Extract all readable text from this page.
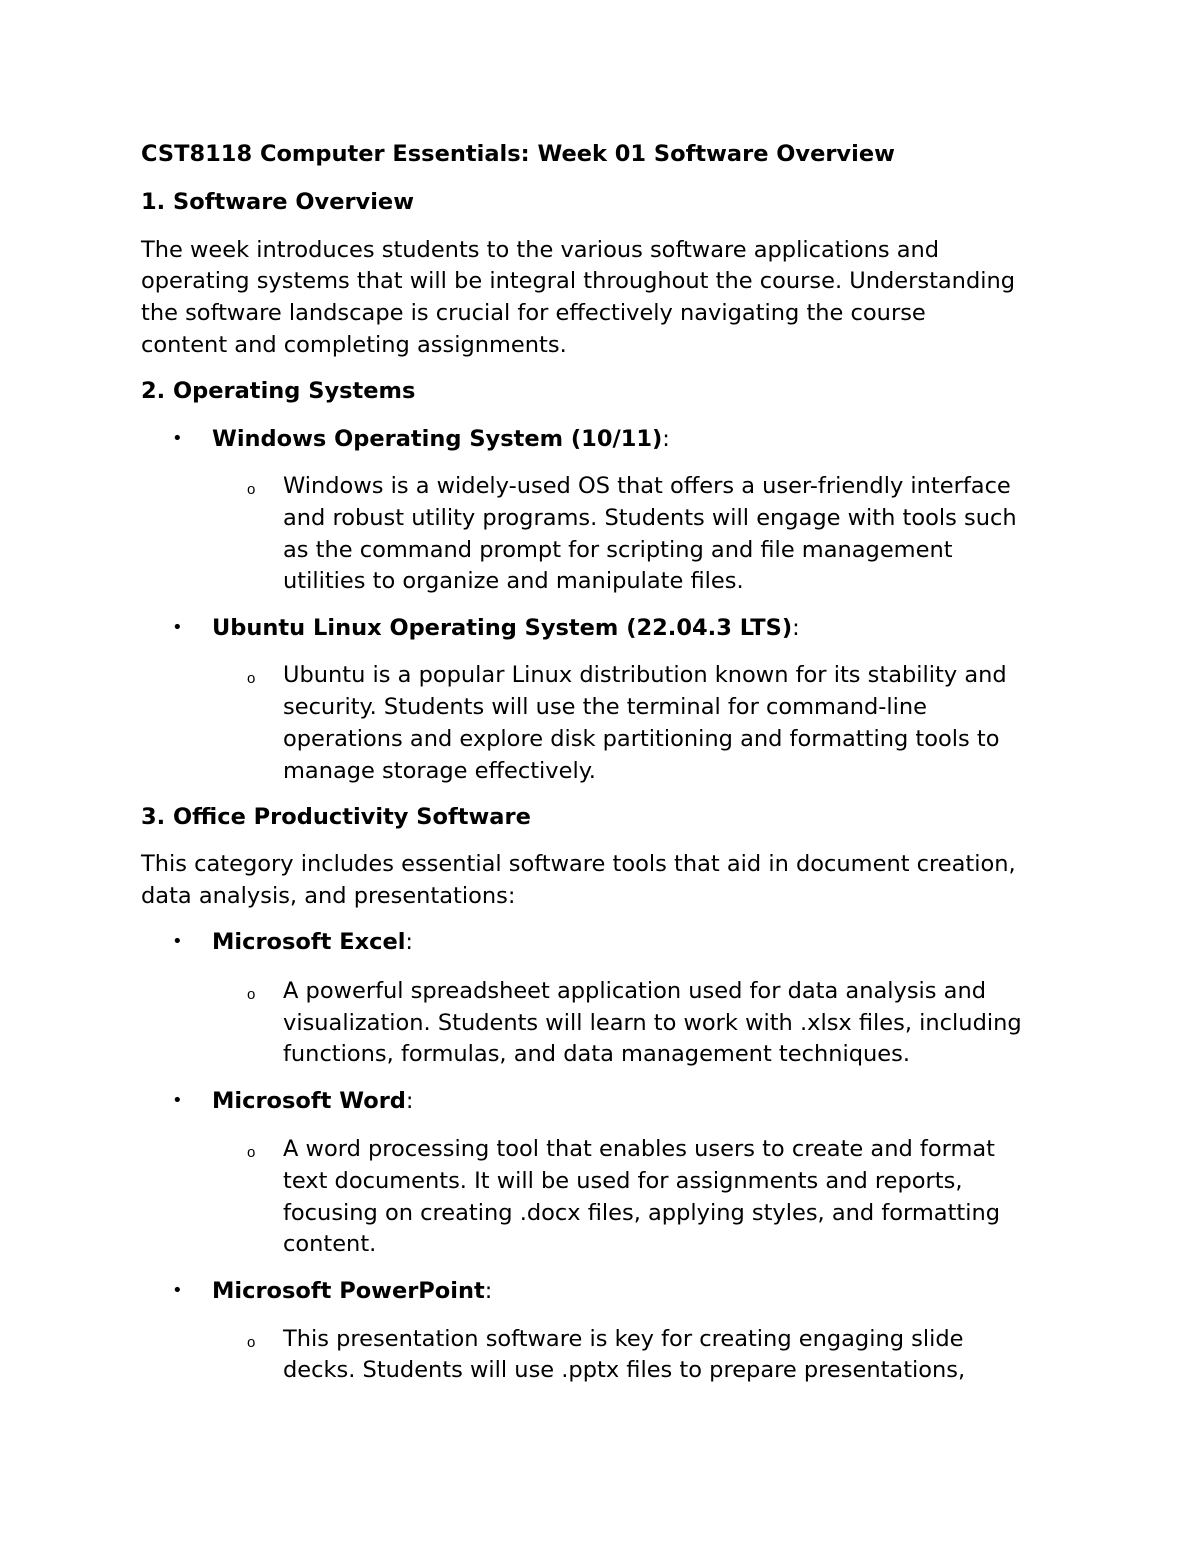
CST8118 Computer Essentials: Week 01 Software Overview
1. Software Overview
The week introduces students to the various software applications and
operating systems that will be integral throughout the course. Understanding
the software landscape is crucial for effectively navigating the course
content and completing assignments.
2. Operating Systems
• Windows Operating System (10/11):
o Windows is a widely-used OS that offers a user-friendly interface
and robust utility programs. Students will engage with tools such
as the command prompt for scripting and file management
utilities to organize and manipulate files.
• Ubuntu Linux Operating System (22.04.3 LTS):
o Ubuntu is a popular Linux distribution known for its stability and
security. Students will use the terminal for command-line
operations and explore disk partitioning and formatting tools to
manage storage effectively.
3. Office Productivity Software
This category includes essential software tools that aid in document creation,
data analysis, and presentations:
• Microsoft Excel:
o A powerful spreadsheet application used for data analysis and
visualization. Students will learn to work with .xlsx files, including
functions, formulas, and data management techniques.
• Microsoft Word:
o A word processing tool that enables users to create and format
text documents. It will be used for assignments and reports,
focusing on creating .docx files, applying styles, and formatting
content.
• Microsoft PowerPoint:
o This presentation software is key for creating engaging slide
decks. Students will use .pptx files to prepare presentations,
